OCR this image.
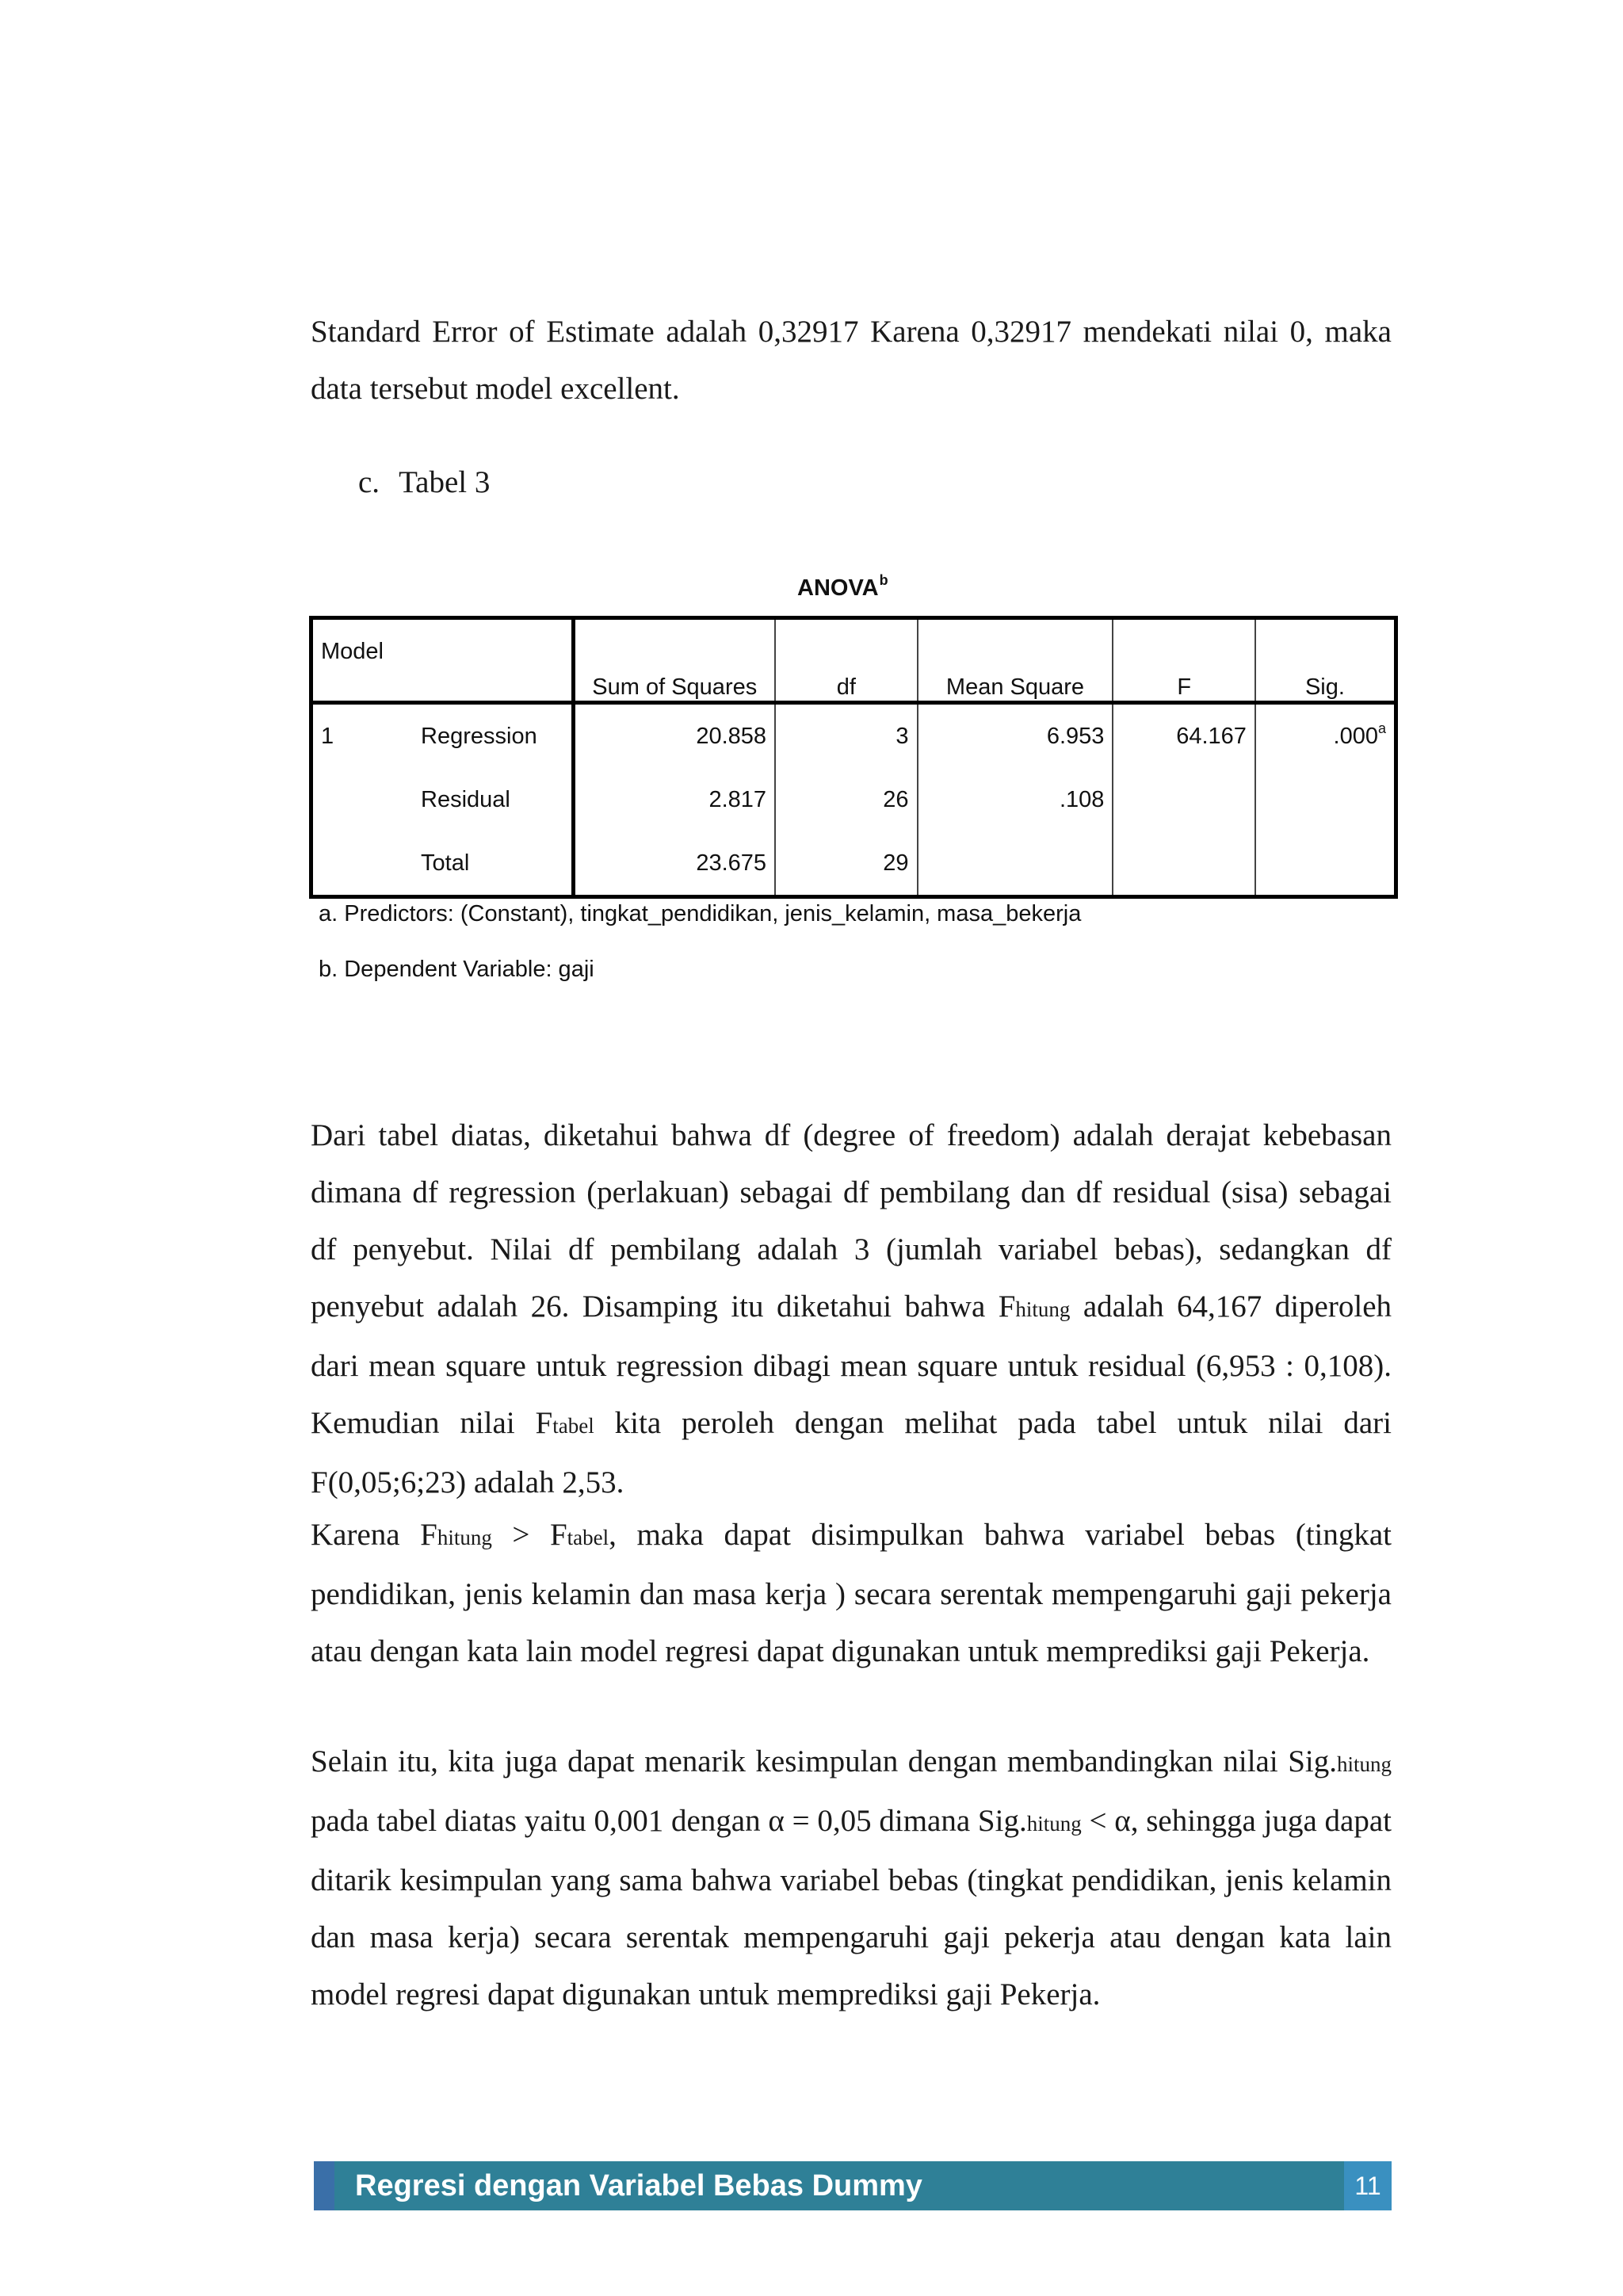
Standard Error of Estimate adalah 0,32917 Karena 0,32917 mendekati nilai 0, maka data tersebut model excellent.
c. Tabel 3
ANOVA$^b$
Model		Sum of Squares	df	Mean Square	F	Sig.
1	Regression	20.858	3	6.953	64.167	.000$^a$
	Residual	2.817	26	.108		
	Total	23.675	29			
a. Predictors: (Constant), tingkat_pendidikan, jenis_kelamin, masa_bekerja
b. Dependent Variable: gaji
Dari tabel diatas, diketahui bahwa df (degree of freedom) adalah derajat kebebasan dimana df regression (perlakuan) sebagai df pembilang dan df residual (sisa) sebagai df penyebut. Nilai df pembilang adalah 3 (jumlah variabel bebas), sedangkan df penyebut adalah 26. Disamping itu diketahui bahwa Fhitung adalah 64,167 diperoleh dari mean square untuk regression dibagi mean square untuk residual (6,953 : 0,108). Kemudian nilai Ftabel kita peroleh dengan melihat pada tabel untuk nilai dari F(0,05;6;23) adalah 2,53.
Karena Fhitung > Ftabel, maka dapat disimpulkan bahwa variabel bebas (tingkat pendidikan, jenis kelamin dan masa kerja ) secara serentak mempengaruhi gaji pekerja atau dengan kata lain model regresi dapat digunakan untuk memprediksi gaji Pekerja.
Selain itu, kita juga dapat menarik kesimpulan dengan membandingkan nilai Sig.hitung pada tabel diatas yaitu 0,001 dengan α = 0,05 dimana Sig.hitung < α, sehingga juga dapat ditarik kesimpulan yang sama bahwa variabel bebas (tingkat pendidikan, jenis kelamin dan masa kerja) secara serentak mempengaruhi gaji pekerja atau dengan kata lain model regresi dapat digunakan untuk memprediksi gaji Pekerja.
Regresi dengan Variabel Bebas Dummy	11
